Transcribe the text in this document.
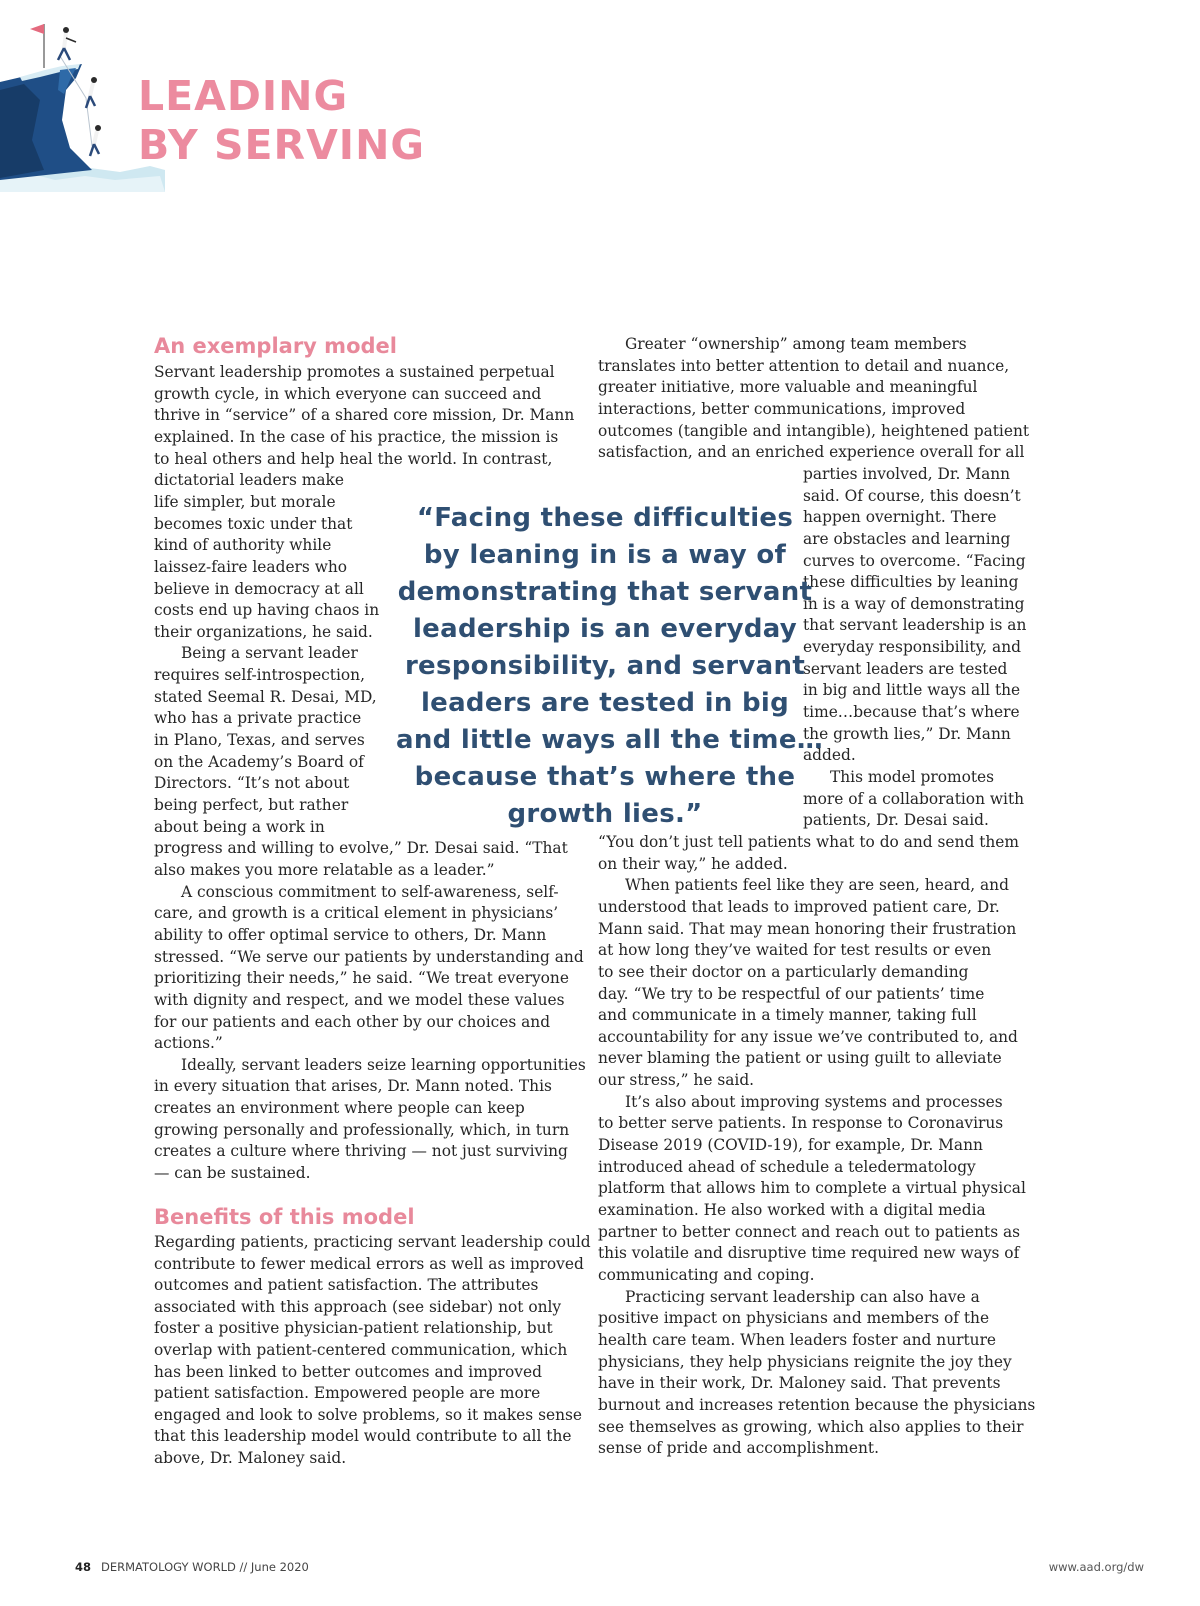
LEADING
BY SERVING
An exemplary model
Benefits of this model
Servant leadership promotes a sustained perpetual
growth cycle, in which everyone can succeed and
thrive in “service” of a shared core mission, Dr. Mann
explained. In the case of his practice, the mission is
to heal others and help heal the world. In contrast,
dictatorial leaders make
life simpler, but morale
becomes toxic under that
kind of authority while
laissez-faire leaders who
believe in democracy at all
costs end up having chaos in
their organizations, he said.
Being a servant leader
requires self-introspection,
stated Seemal R. Desai, MD,
who has a private practice
in Plano, Texas, and serves
on the Academy’s Board of
Directors. “It’s not about
being perfect, but rather
about being a work in
progress and willing to evolve,” Dr. Desai said. “That
also makes you more relatable as a leader.”
A conscious commitment to self-awareness, self-
care, and growth is a critical element in physicians’
ability to offer optimal service to others, Dr. Mann
stressed. “We serve our patients by understanding and
prioritizing their needs,” he said. “We treat everyone
with dignity and respect, and we model these values
for our patients and each other by our choices and
actions.”
Ideally, servant leaders seize learning opportunities
in every situation that arises, Dr. Mann noted. This
creates an environment where people can keep
growing personally and professionally, which, in turn
creates a culture where thriving — not just surviving
— can be sustained.
Regarding patients, practicing servant leadership could
contribute to fewer medical errors as well as improved
outcomes and patient satisfaction. The attributes
associated with this approach (see sidebar) not only
foster a positive physician-patient relationship, but
overlap with patient-centered communication, which
has been linked to better outcomes and improved
patient satisfaction. Empowered people are more
engaged and look to solve problems, so it makes sense
that this leadership model would contribute to all the
above, Dr. Maloney said.
Greater “ownership” among team members
translates into better attention to detail and nuance,
greater initiative, more valuable and meaningful
interactions, better communications, improved
outcomes (tangible and intangible), heightened patient
satisfaction, and an enriched experience overall for all
parties involved, Dr. Mann
said. Of course, this doesn’t
happen overnight. There
are obstacles and learning
curves to overcome. “Facing
these difficulties by leaning
in is a way of demonstrating
that servant leadership is an
everyday responsibility, and
servant leaders are tested
in big and little ways all the
time…because that’s where
the growth lies,” Dr. Mann
added.
This model promotes
more of a collaboration with
patients, Dr. Desai said.
“You don’t just tell patients what to do and send them
on their way,” he added.
When patients feel like they are seen, heard, and
understood that leads to improved patient care, Dr.
Mann said. That may mean honoring their frustration
at how long they’ve waited for test results or even
to see their doctor on a particularly demanding
day. “We try to be respectful of our patients’ time
and communicate in a timely manner, taking full
accountability for any issue we’ve contributed to, and
never blaming the patient or using guilt to alleviate
our stress,” he said.
It’s also about improving systems and processes
to better serve patients. In response to Coronavirus
Disease 2019 (COVID-19), for example, Dr. Mann
introduced ahead of schedule a teledermatology
platform that allows him to complete a virtual physical
examination. He also worked with a digital media
partner to better connect and reach out to patients as
this volatile and disruptive time required new ways of
communicating and coping.
Practicing servant leadership can also have a
positive impact on physicians and members of the
health care team. When leaders foster and nurture
physicians, they help physicians reignite the joy they
have in their work, Dr. Maloney said. That prevents
burnout and increases retention because the physicians
see themselves as growing, which also applies to their
sense of pride and accomplishment.
“Facing these difficulties
by leaning in is a way of
demonstrating that servant
leadership is an everyday
responsibility, and servant
leaders are tested in big
and little ways all the time…
because that’s where the
growth lies.”
48 DERMATOLOGY WORLD // June 2020	www.aad.org/dw
